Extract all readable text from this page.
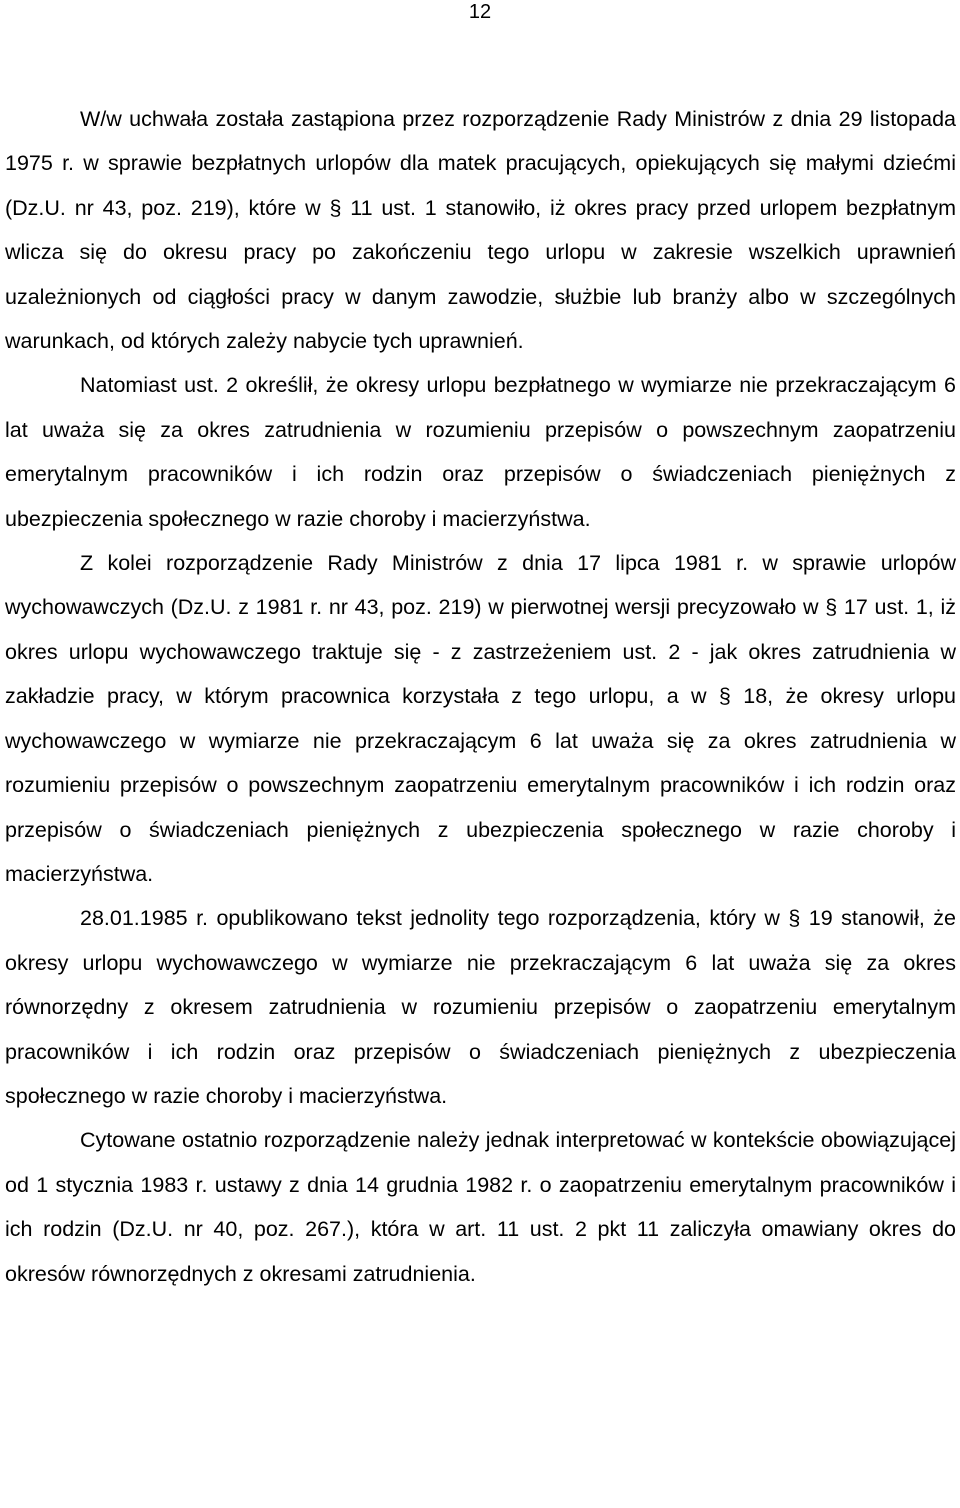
12

W/w uchwała została zastąpiona przez rozporządzenie Rady Ministrów z dnia 29 listopada 1975 r. w sprawie bezpłatnych urlopów dla matek pracujących, opiekujących się małymi dziećmi (Dz.U. nr 43, poz. 219), które w § 11 ust. 1 stanowiło, iż okres pracy przed urlopem bezpłatnym wlicza się do okresu pracy po zakończeniu tego urlopu w zakresie wszelkich uprawnień uzależnionych od ciągłości pracy w danym zawodzie, służbie lub branży albo w szczególnych warunkach, od których zależy nabycie tych uprawnień.

Natomiast ust. 2 określił, że okresy urlopu bezpłatnego w wymiarze nie przekraczającym 6 lat uważa się za okres zatrudnienia w rozumieniu przepisów o powszechnym zaopatrzeniu emerytalnym pracowników i ich rodzin oraz przepisów o świadczeniach pieniężnych z ubezpieczenia społecznego w razie choroby i macierzyństwa.

Z kolei rozporządzenie Rady Ministrów z dnia 17 lipca 1981 r. w sprawie urlopów wychowawczych (Dz.U. z 1981 r. nr 43, poz. 219) w pierwotnej wersji precyzowało w § 17 ust. 1, iż okres urlopu wychowawczego traktuje się - z zastrzeżeniem ust. 2 - jak okres zatrudnienia w zakładzie pracy, w którym pracownica korzystała z tego urlopu, a w § 18, że okresy urlopu wychowawczego w wymiarze nie przekraczającym 6 lat uważa się za okres zatrudnienia w rozumieniu przepisów o powszechnym zaopatrzeniu emerytalnym pracowników i ich rodzin oraz przepisów o świadczeniach pieniężnych z ubezpieczenia społecznego w razie choroby i macierzyństwa.

28.01.1985 r. opublikowano tekst jednolity tego rozporządzenia, który w § 19 stanowił, że okresy urlopu wychowawczego w wymiarze nie przekraczającym 6 lat uważa się za okres równorzędny z okresem zatrudnienia w rozumieniu przepisów o zaopatrzeniu emerytalnym pracowników i ich rodzin oraz przepisów o świadczeniach pieniężnych z ubezpieczenia społecznego w razie choroby i macierzyństwa.

Cytowane ostatnio rozporządzenie należy jednak interpretować w kontekście obowiązującej od 1 stycznia 1983 r. ustawy z dnia 14 grudnia 1982 r. o zaopatrzeniu emerytalnym pracowników i ich rodzin (Dz.U. nr 40, poz. 267.), która w art. 11 ust. 2 pkt 11 zaliczyła omawiany okres do okresów równorzędnych z okresami zatrudnienia.
